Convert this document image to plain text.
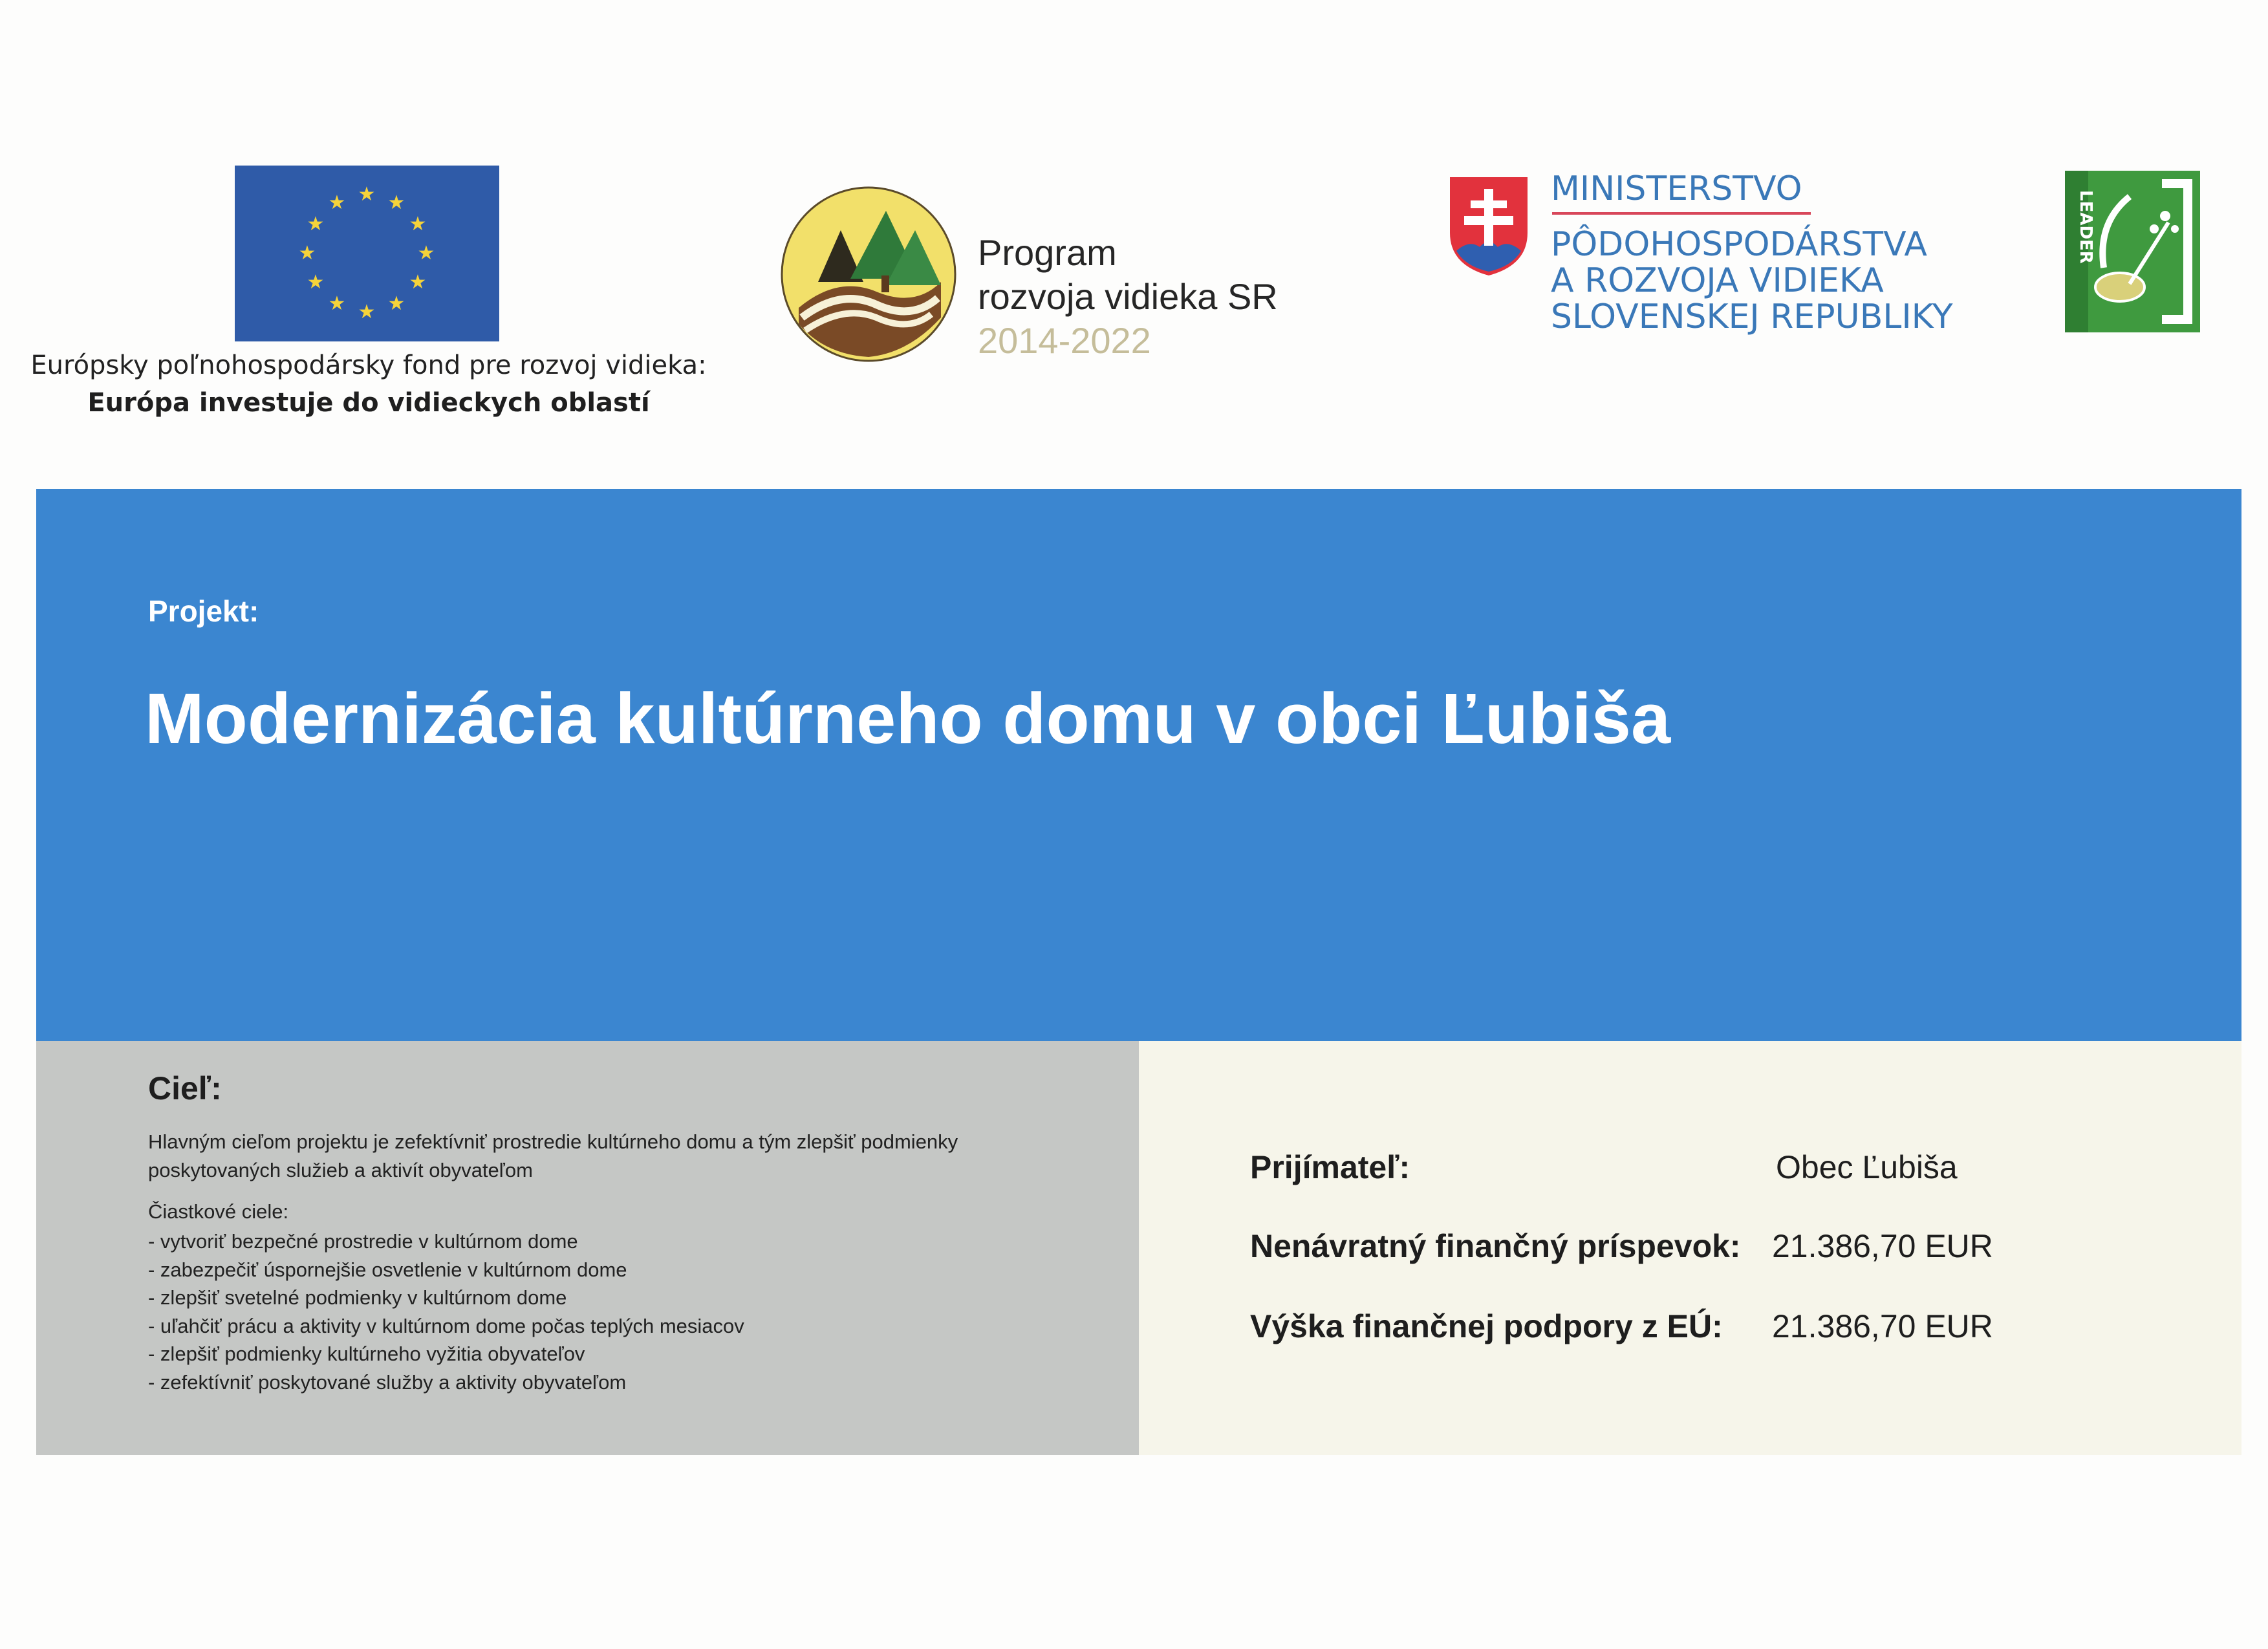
★ ★
★
★
★
★
★
★
★
★
★
★
Európsky poľnohospodársky fond pre rozvoj vidieka:
Európa investuje do vidieckych oblastí
Program
rozvoja vidieka SR
2014-2022
MINISTERSTVO
PÔDOHOSPODÁRSTVA
A ROZVOJA VIDIEKA
SLOVENSKEJ REPUBLIKY
LEADER
Projekt:
Modernizácia kultúrneho domu v obci Ľubiša
Cieľ:
Hlavným cieľom projektu je zefektívniť prostredie kultúrneho domu a tým zlepšiť podmienky poskytovaných služieb a aktivít obyvateľom
Čiastkové ciele:
- vytvoriť bezpečné prostredie v kultúrnom dome
- zabezpečiť úspornejšie osvetlenie v kultúrnom dome
- zlepšiť svetelné podmienky v kultúrnom dome
- uľahčiť prácu a aktivity v kultúrnom dome počas teplých mesiacov
- zlepšiť podmienky kultúrneho vyžitia obyvateľov
- zefektívniť poskytované služby a aktivity obyvateľom
Prijímateľ:	Obec Ľubiša
Nenávratný finančný príspevok: 21.386,70 EUR
Výška finančnej podpory z EÚ: 21.386,70 EUR
